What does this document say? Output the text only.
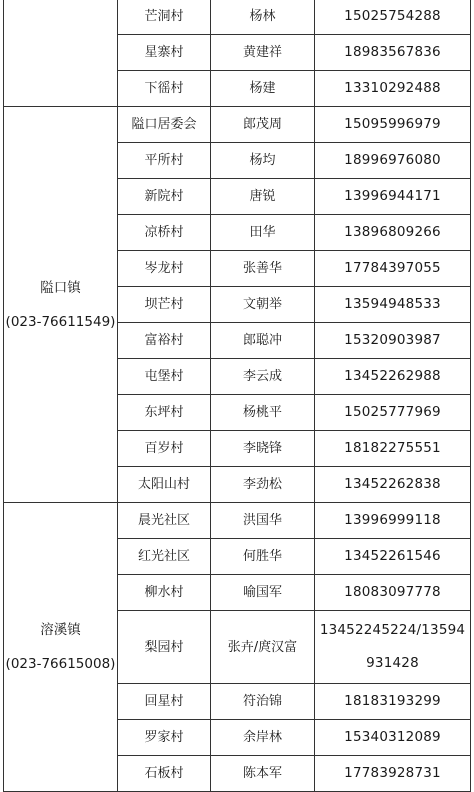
	芒洞村	杨林	15025754288
	星寨村	黄建祥	18983567836
	下徭村	杨建	13310292488

隘口镇
(023-76611549)	隘口居委会	郎茂周	15095996979
	平所村	杨均	18996976080
	新院村	唐锐	13996944171
	凉桥村	田华	13896809266
	岑龙村	张善华	17784397055
	坝芒村	文朝举	13594948533
	富裕村	郎聪冲	15320903987
	屯堡村	李云成	13452262988
	东坪村	杨桃平	15025777969
	百岁村	李晓锋	18182275551
	太阳山村	李劲松	13452262838

溶溪镇
(023-76615008)	晨光社区	洪国华	13996999118
	红光社区	何胜华	13452261546
	柳水村	喻国军	18083097778
	梨园村	张卉/庹汉富	13452245224/13594931428
	回星村	符治锦	18183193299
	罗家村	余岸林	15340312089
	石板村	陈本军	17783928731
